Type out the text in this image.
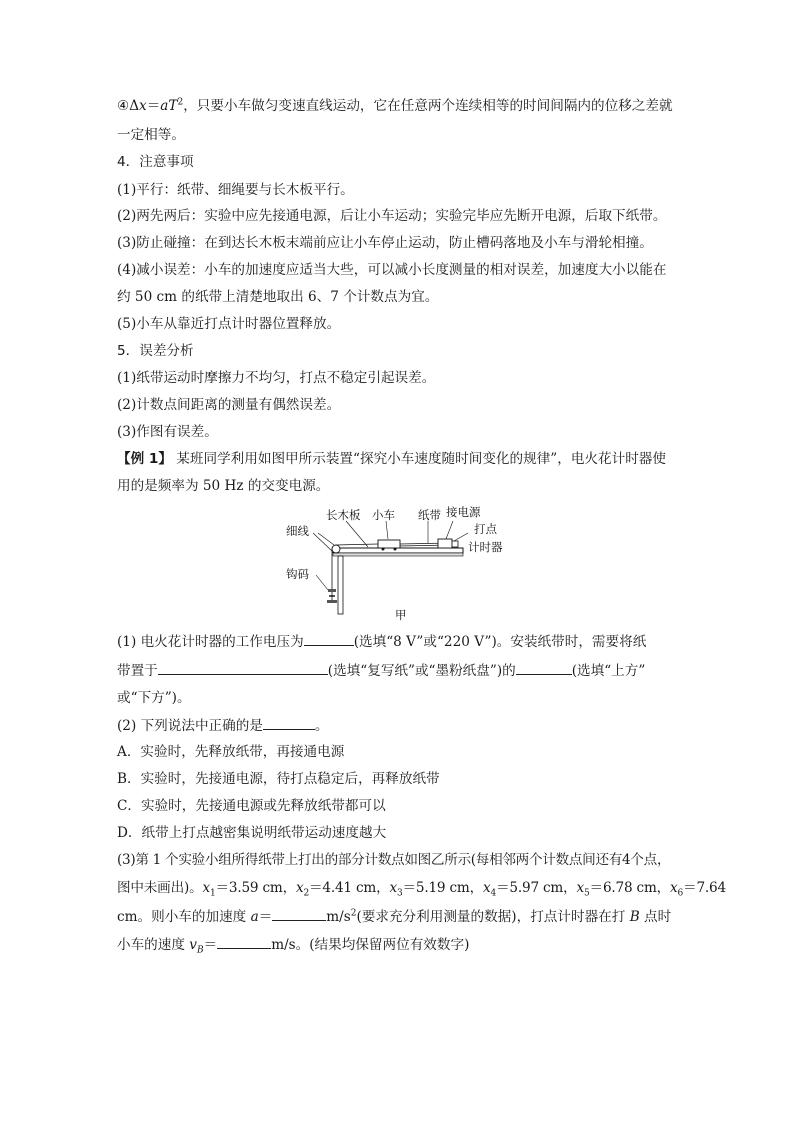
$④\Delta x=aT^2$，只要小车做匀变速直线运动，它在任意两个连续相等的时间间隔内的位移之差就
一定相等。
4．注意事项
(1)平行：纸带、细绳要与长木板平行。
(2)两先两后：实验中应先接通电源，后让小车运动；实验完毕应先断开电源，后取下纸带。
(3)防止碰撞：在到达长木板末端前应让小车停止运动，防止槽码落地及小车与滑轮相撞。
(4)减小误差：小车的加速度应适当大些，可以减小长度测量的相对误差，加速度大小以能在
约 50 cm 的纸带上清楚地取出 6、7 个计数点为宜。
(5)小车从靠近打点计时器位置释放。
5．误差分析
(1)纸带运动时摩擦力不均匀，打点不稳定引起误差。
(2)计数点间距离的测量有偶然误差。
(3)作图有误差。
【例 1】 某班同学利用如图甲所示装置“探究小车速度随时间变化的规律”，电火花计时器使
用的是频率为 50 Hz 的交变电源。
长木板 小车 纸带 接电源
打点
计时器
细线
钩码
甲
(1) 电火花计时器的工作电压为	(选填“8 V”或“220 V”)。安装纸带时，需要将纸
带置于	(选填“复写纸”或“墨粉纸盘”)的	(选填“上方”
或“下方”)。
(2) 下列说法中正确的是	。
A．实验时，先释放纸带，再接通电源
B．实验时，先接通电源，待打点稳定后，再释放纸带
C．实验时，先接通电源或先释放纸带都可以
D．纸带上打点越密集说明纸带运动速度越大
(3)第 1 个实验小组所得纸带上打出的部分计数点如图乙所示(每相邻两个计数点间还有4个点，
图中未画出)。$x_1=3.59$ cm，$x_2=4.41$ cm，$x_3=5.19$ cm，$x_4=5.97$ cm，$x_5=6.78$ cm，$x_6=7.64$
cm。则小车的加速度 a＝	$m/s^2$(要求充分利用测量的数据)，打点计时器在打 B 点时
小车的速度 $v_B=$	m/s。(结果均保留两位有效数字)
